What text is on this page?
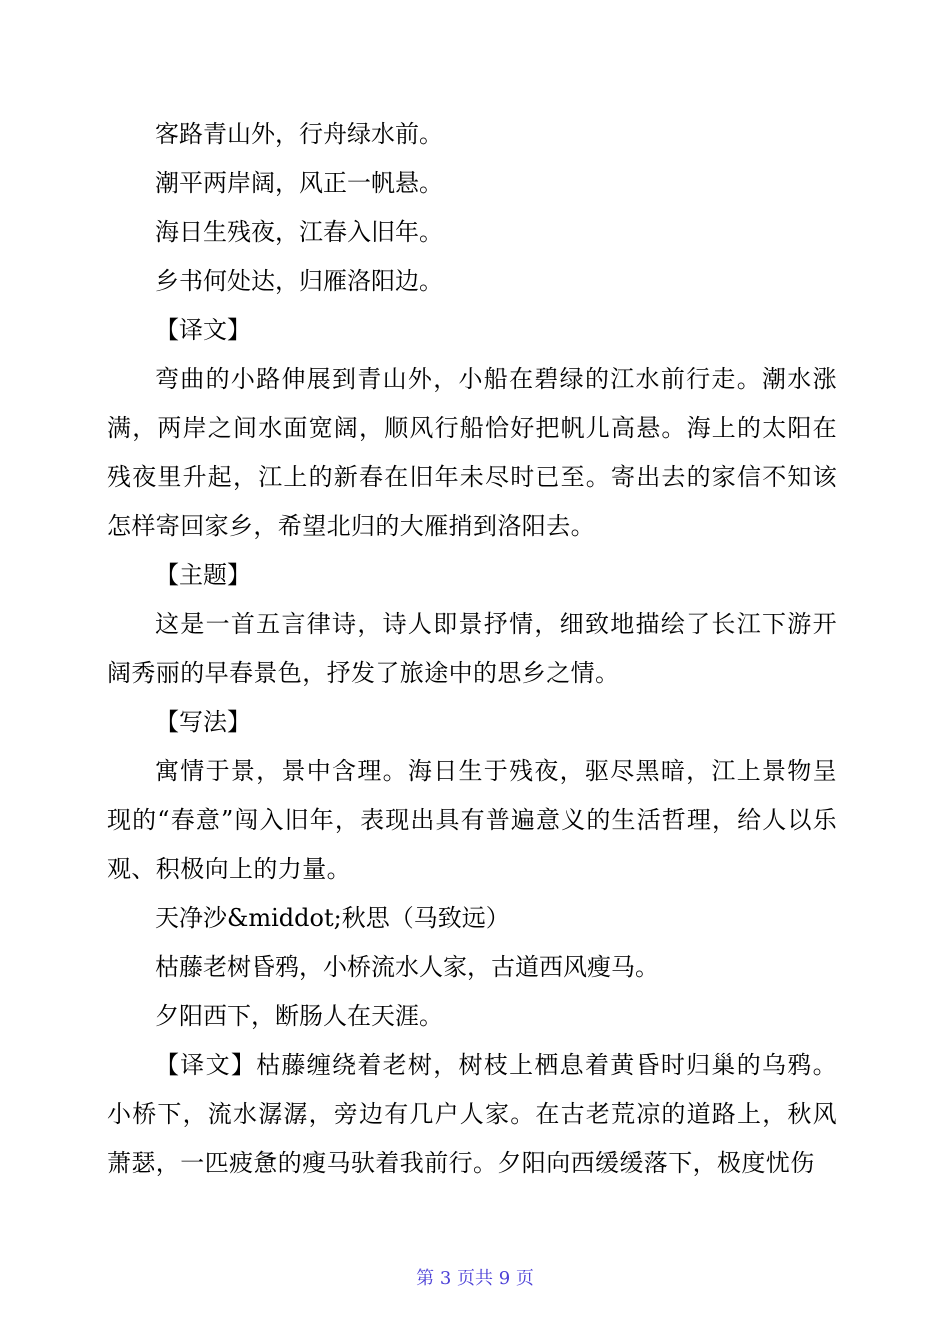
客路青山外，行舟绿水前。

潮平两岸阔，风正一帆悬。

海日生残夜，江春入旧年。

乡书何处达，归雁洛阳边。

【译文】

弯曲的小路伸展到青山外，小船在碧绿的江水前行走。潮水涨满，两岸之间水面宽阔，顺风行船恰好把帆儿高悬。海上的太阳在残夜里升起，江上的新春在旧年未尽时已至。寄出去的家信不知该怎样寄回家乡，希望北归的大雁捎到洛阳去。

【主题】

这是一首五言律诗，诗人即景抒情，细致地描绘了长江下游开阔秀丽的早春景色，抒发了旅途中的思乡之情。

【写法】

寓情于景，景中含理。海日生于残夜，驱尽黑暗，江上景物呈现的“春意”闯入旧年，表现出具有普遍意义的生活哲理，给人以乐观、积极向上的力量。

天净沙&middot;秋思（马致远）

枯藤老树昏鸦，小桥流水人家，古道西风瘦马。

夕阳西下，断肠人在天涯。

【译文】枯藤缠绕着老树，树枝上栖息着黄昏时归巢的乌鸦。小桥下，流水潺潺，旁边有几户人家。在古老荒凉的道路上，秋风萧瑟，一匹疲惫的瘦马驮着我前行。夕阳向西缓缓落下，极度忧伤

第 3 页共 9 页
